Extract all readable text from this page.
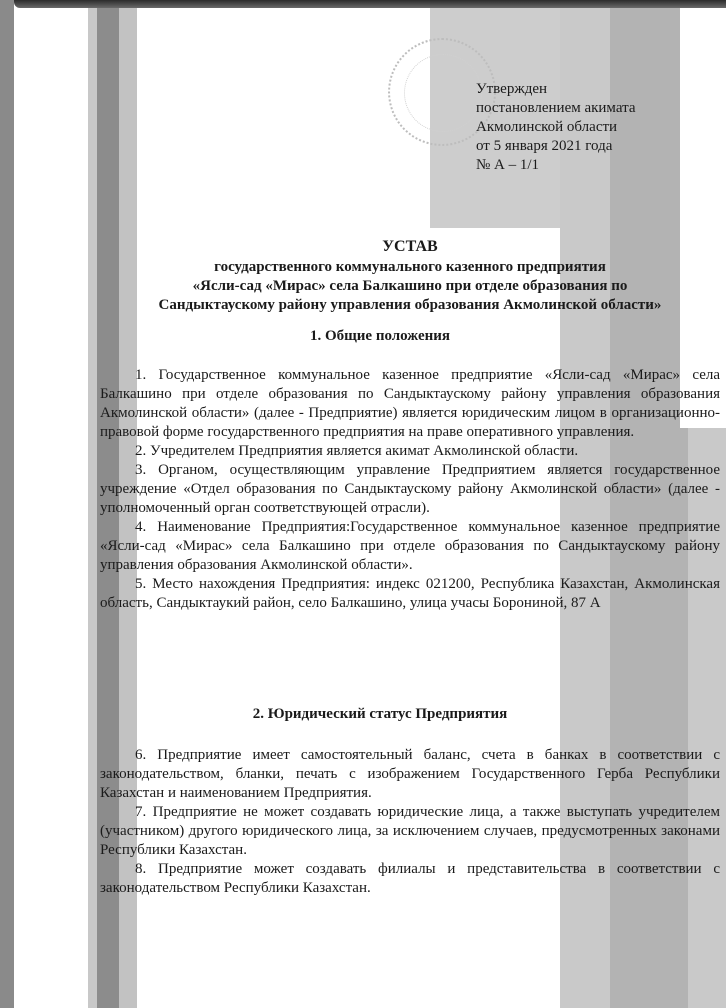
Утвержден
постановлением акимата
Акмолинской области
от 5 января 2021 года
№ А – 1/1
УСТАВ
государственного коммунального казенного предприятия
«Ясли-сад «Мирас» села Балкашино при отделе образования по
Сандыктаускому району управления образования Акмолинской области»
1. Общие положения

1. Государственное коммунальное казенное предприятие «Ясли-сад «Мирас» села Балкашино при отделе образования по Сандыктаускому району управления образования Акмолинской области» (далее - Предприятие) является юридическим лицом в организационно-правовой форме государственного предприятия на праве оперативного управления.

2. Учредителем Предприятия является акимат Акмолинской области.

3. Органом, осуществляющим управление Предприятием является государственное учреждение «Отдел образования по Сандыктаускому району Акмолинской области» (далее - уполномоченный орган соответствующей отрасли).

4. Наименование Предприятия:Государственное коммунальное казенное предприятие «Ясли-сад «Мирас» села Балкашино при отделе образования по Сандыктаускому району управления образования Акмолинской области».

5. Место нахождения Предприятия: индекс 021200, Республика Казахстан, Акмолинская область, Сандыктаукий район, село Балкашино, улица учасы Борониной, 87 А

2. Юридический статус Предприятия

6. Предприятие имеет самостоятельный баланс, счета в банках в соответствии с законодательством, бланки, печать с изображением Государственного Герба Республики Казахстан и наименованием Предприятия.

7. Предприятие не может создавать юридические лица, а также выступать учредителем (участником) другого юридического лица, за исключением случаев, предусмотренных законами Республики Казахстан.

8. Предприятие может создавать филиалы и представительства в соответствии с законодательством Республики Казахстан.
